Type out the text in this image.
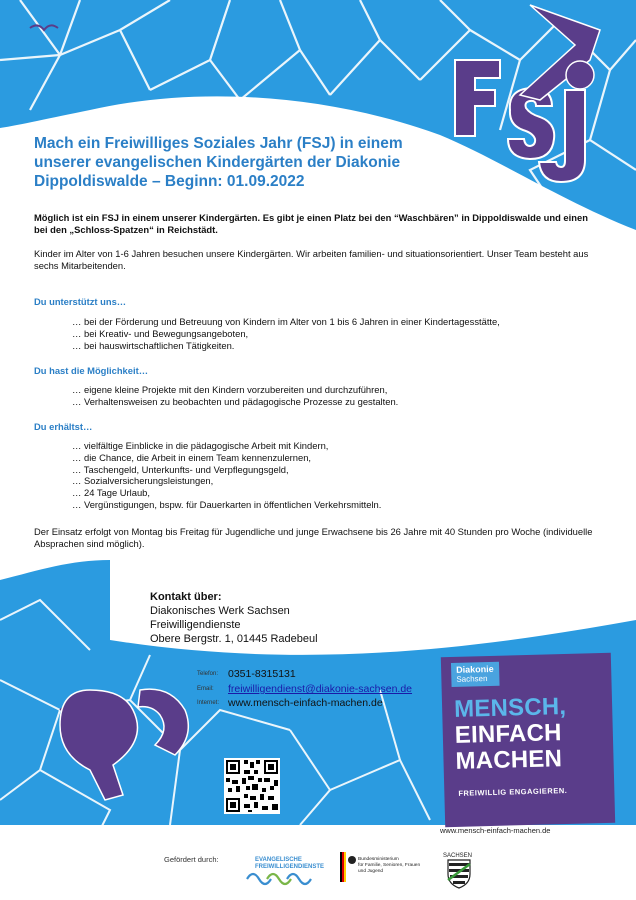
Mach ein Freiwilliges Soziales Jahr (FSJ) in einem unserer evangelischen Kindergärten der Diakonie Dippoldiswalde – Beginn: 01.09.2022
Möglich ist ein FSJ in einem unserer Kindergärten. Es gibt je einen Platz bei den “Waschbären” in Dippoldiswalde und einen bei den „Schloss-Spatzen“ in Reichstädt.
Kinder im Alter von 1-6 Jahren besuchen unsere Kindergärten. Wir arbeiten familien- und situationsorientiert. Unser Team besteht aus sechs Mitarbeitenden.
Du unterstützt uns…
… bei der Förderung und Betreuung von Kindern im Alter von 1 bis 6 Jahren in einer Kindertagesstätte,
… bei Kreativ- und Bewegungsangeboten,
… bei hauswirtschaftlichen Tätigkeiten.
Du hast die Möglichkeit…
… eigene kleine Projekte mit den Kindern vorzubereiten und durchzuführen,
… Verhaltensweisen zu beobachten und pädagogische Prozesse zu gestalten.
Du erhältst…
… vielfältige Einblicke in die pädagogische Arbeit mit Kindern,
… die Chance, die Arbeit in einem Team kennenzulernen,
… Taschengeld, Unterkunfts- und Verpflegungsgeld,
… Sozialversicherungsleistungen,
… 24 Tage Urlaub,
… Vergünstigungen, bspw. für Dauerkarten in öffentlichen Verkehrsmitteln.
Der Einsatz erfolgt von Montag bis Freitag für Jugendliche und junge Erwachsene bis 26 Jahre mit 40 Stunden pro Woche (individuelle Absprachen sind möglich).
Kontakt über:
Diakonisches Werk Sachsen
Freiwilligendienste
Obere Bergstr. 1, 01445 Radebeul
Telefon: 0351-8315131
Email:	freiwilligendienst@diakonie-sachsen.de
Internet: www.mensch-einfach-machen.de
Diakonie
Sachsen
MENSCH,
EINFACH
MACHEN
FREIWILLIG ENGAGIEREN.
www.mensch-einfach-machen.de
Gefördert durch:	EVANGELISCHE
FREIWILLIGENDIENSTE
Bundesministerium
für Familie, Senioren, Frauen
und Jugend
SACHSEN
